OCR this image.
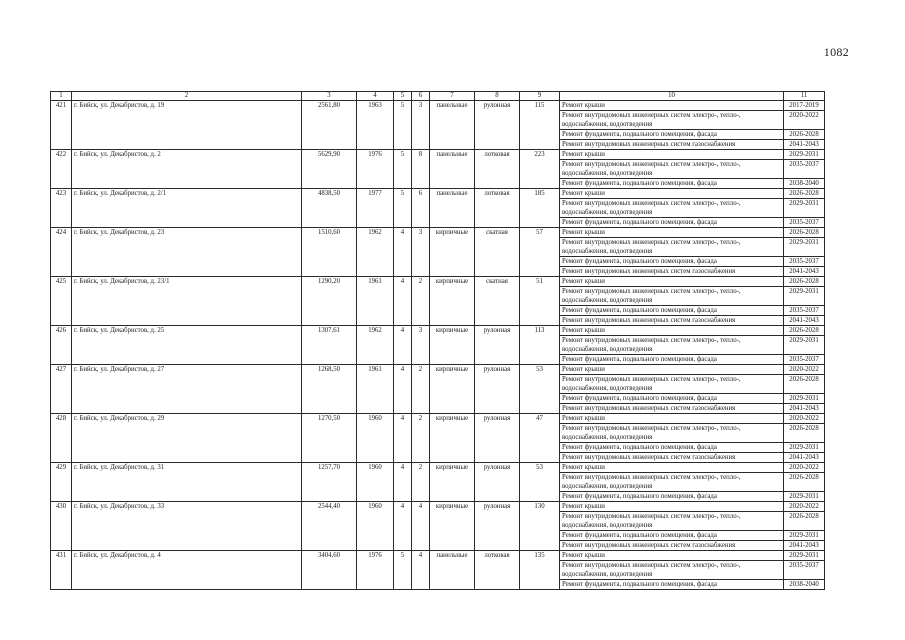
1082
1	2	3	4	5	6	7	8	9	10	11
421	г. Бийск, ул. Декабристов, д. 19	2561,80	1963	5	3	панельные	рулонная	115	Ремонт крыши	2017-2019
									Ремонт внутридомовых инженерных систем электро-, тепло-, водоснабжения, водоотведения	2020-2022
									Ремонт фундамента, подвального помещения, фасада	2026-2028
									Ремонт внутридомовых инженерных систем газоснабжения	2041-2043
422	г. Бийск, ул. Декабристов, д. 2	5629,90	1976	5	8	панельные	лотковая	223	Ремонт крыши	2029-2031
									Ремонт внутридомовых инженерных систем электро-, тепло-, водоснабжения, водоотведения	2035-2037
									Ремонт фундамента, подвального помещения, фасада	2038-2040
423	г. Бийск, ул. Декабристов, д. 2/1	4838,50	1977	5	6	панельные	лотковая	185	Ремонт крыши	2026-2028
									Ремонт внутридомовых инженерных систем электро-, тепло-, водоснабжения, водоотведения	2029-2031
									Ремонт фундамента, подвального помещения, фасада	2035-2037
424	г. Бийск, ул. Декабристов, д. 23	1510,60	1962	4	3	кирпичные	скатная	57	Ремонт крыши	2026-2028
									Ремонт внутридомовых инженерных систем электро-, тепло-, водоснабжения, водоотведения	2029-2031
									Ремонт фундамента, подвального помещения, фасада	2035-2037
									Ремонт внутридомовых инженерных систем газоснабжения	2041-2043
425	г. Бийск, ул. Декабристов, д. 23/1	1290,20	1961	4	2	кирпичные	скатная	51	Ремонт крыши	2026-2028
									Ремонт внутридомовых инженерных систем электро-, тепло-, водоснабжения, водоотведения	2029-2031
									Ремонт фундамента, подвального помещения, фасада	2035-2037
									Ремонт внутридомовых инженерных систем газоснабжения	2041-2043
426	г. Бийск, ул. Декабристов, д. 25	1307,61	1962	4	3	кирпичные	рулонная	113	Ремонт крыши	2026-2028
									Ремонт внутридомовых инженерных систем электро-, тепло-, водоснабжения, водоотведения	2029-2031
									Ремонт фундамента, подвального помещения, фасада	2035-2037
427	г. Бийск, ул. Декабристов, д. 27	1268,50	1961	4	2	кирпичные	рулонная	53	Ремонт крыши	2020-2022
									Ремонт внутридомовых инженерных систем электро-, тепло-, водоснабжения, водоотведения	2026-2028
									Ремонт фундамента, подвального помещения, фасада	2029-2031
									Ремонт внутридомовых инженерных систем газоснабжения	2041-2043
428	г. Бийск, ул. Декабристов, д. 29	1270,50	1960	4	2	кирпичные	рулонная	47	Ремонт крыши	2020-2022
									Ремонт внутридомовых инженерных систем электро-, тепло-, водоснабжения, водоотведения	2026-2028
									Ремонт фундамента, подвального помещения, фасада	2029-2031
									Ремонт внутридомовых инженерных систем газоснабжения	2041-2043
429	г. Бийск, ул. Декабристов, д. 31	1257,70	1960	4	2	кирпичные	рулонная	53	Ремонт крыши	2020-2022
									Ремонт внутридомовых инженерных систем электро-, тепло-, водоснабжения, водоотведения	2026-2028
									Ремонт фундамента, подвального помещения, фасада	2029-2031
430	г. Бийск, ул. Декабристов, д. 33	2544,40	1960	4	4	кирпичные	рулонная	130	Ремонт крыши	2020-2022
									Ремонт внутридомовых инженерных систем электро-, тепло-, водоснабжения, водоотведения	2026-2028
									Ремонт фундамента, подвального помещения, фасада	2029-2031
									Ремонт внутридомовых инженерных систем газоснабжения	2041-2043
431	г. Бийск, ул. Декабристов, д. 4	3404,60	1976	5	4	панельные	лотковая	135	Ремонт крыши	2029-2031
									Ремонт внутридомовых инженерных систем электро-, тепло-, водоснабжения, водоотведения	2035-2037
									Ремонт фундамента, подвального помещения, фасада	2038-2040
